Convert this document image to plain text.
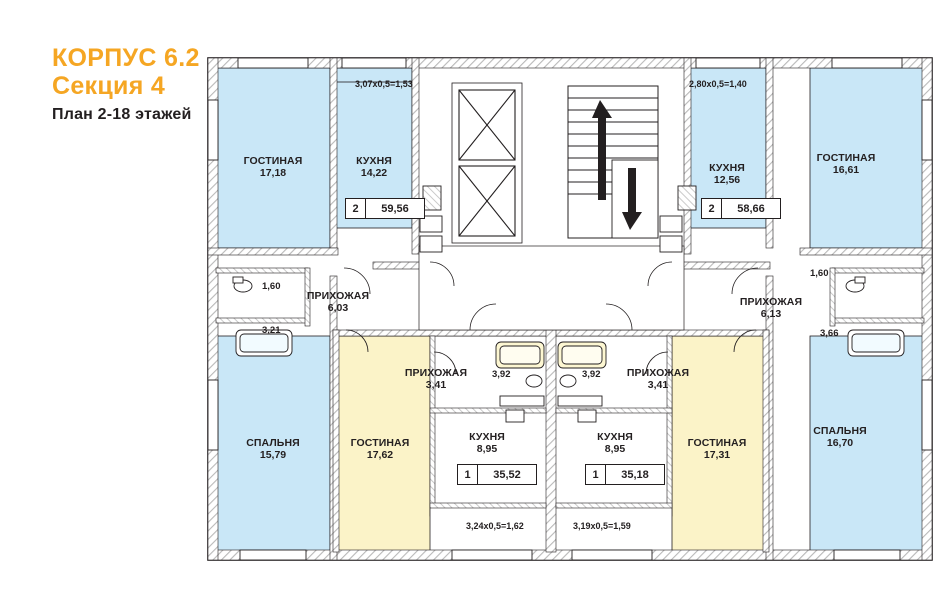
КОРПУС 6.2
Секция 4
План 2-18 этажей
ГОСТИНАЯ
17,18
КУХНЯ
14,22	КУХНЯ
12,56
ГОСТИНАЯ
16,61
ПРИХОЖАЯ
6,03
ПРИХОЖАЯ
6,13
СПАЛЬНЯ
15,79
ГОСТИНАЯ
17,62
ПРИХОЖАЯ
3,41
ПРИХОЖАЯ
3,41
КУХНЯ
8,95
КУХНЯ
8,95
ГОСТИНАЯ
17,31
СПАЛЬНЯ
16,70
1,60
3,21
1,60
3,66
3,92	3,92
3,07х0,5=1,53	2,80х0,5=1,40
3,24х0,5=1,62	3,19х0,5=1,59
2	59,56	2	58,66
1	35,52	1	35,18
